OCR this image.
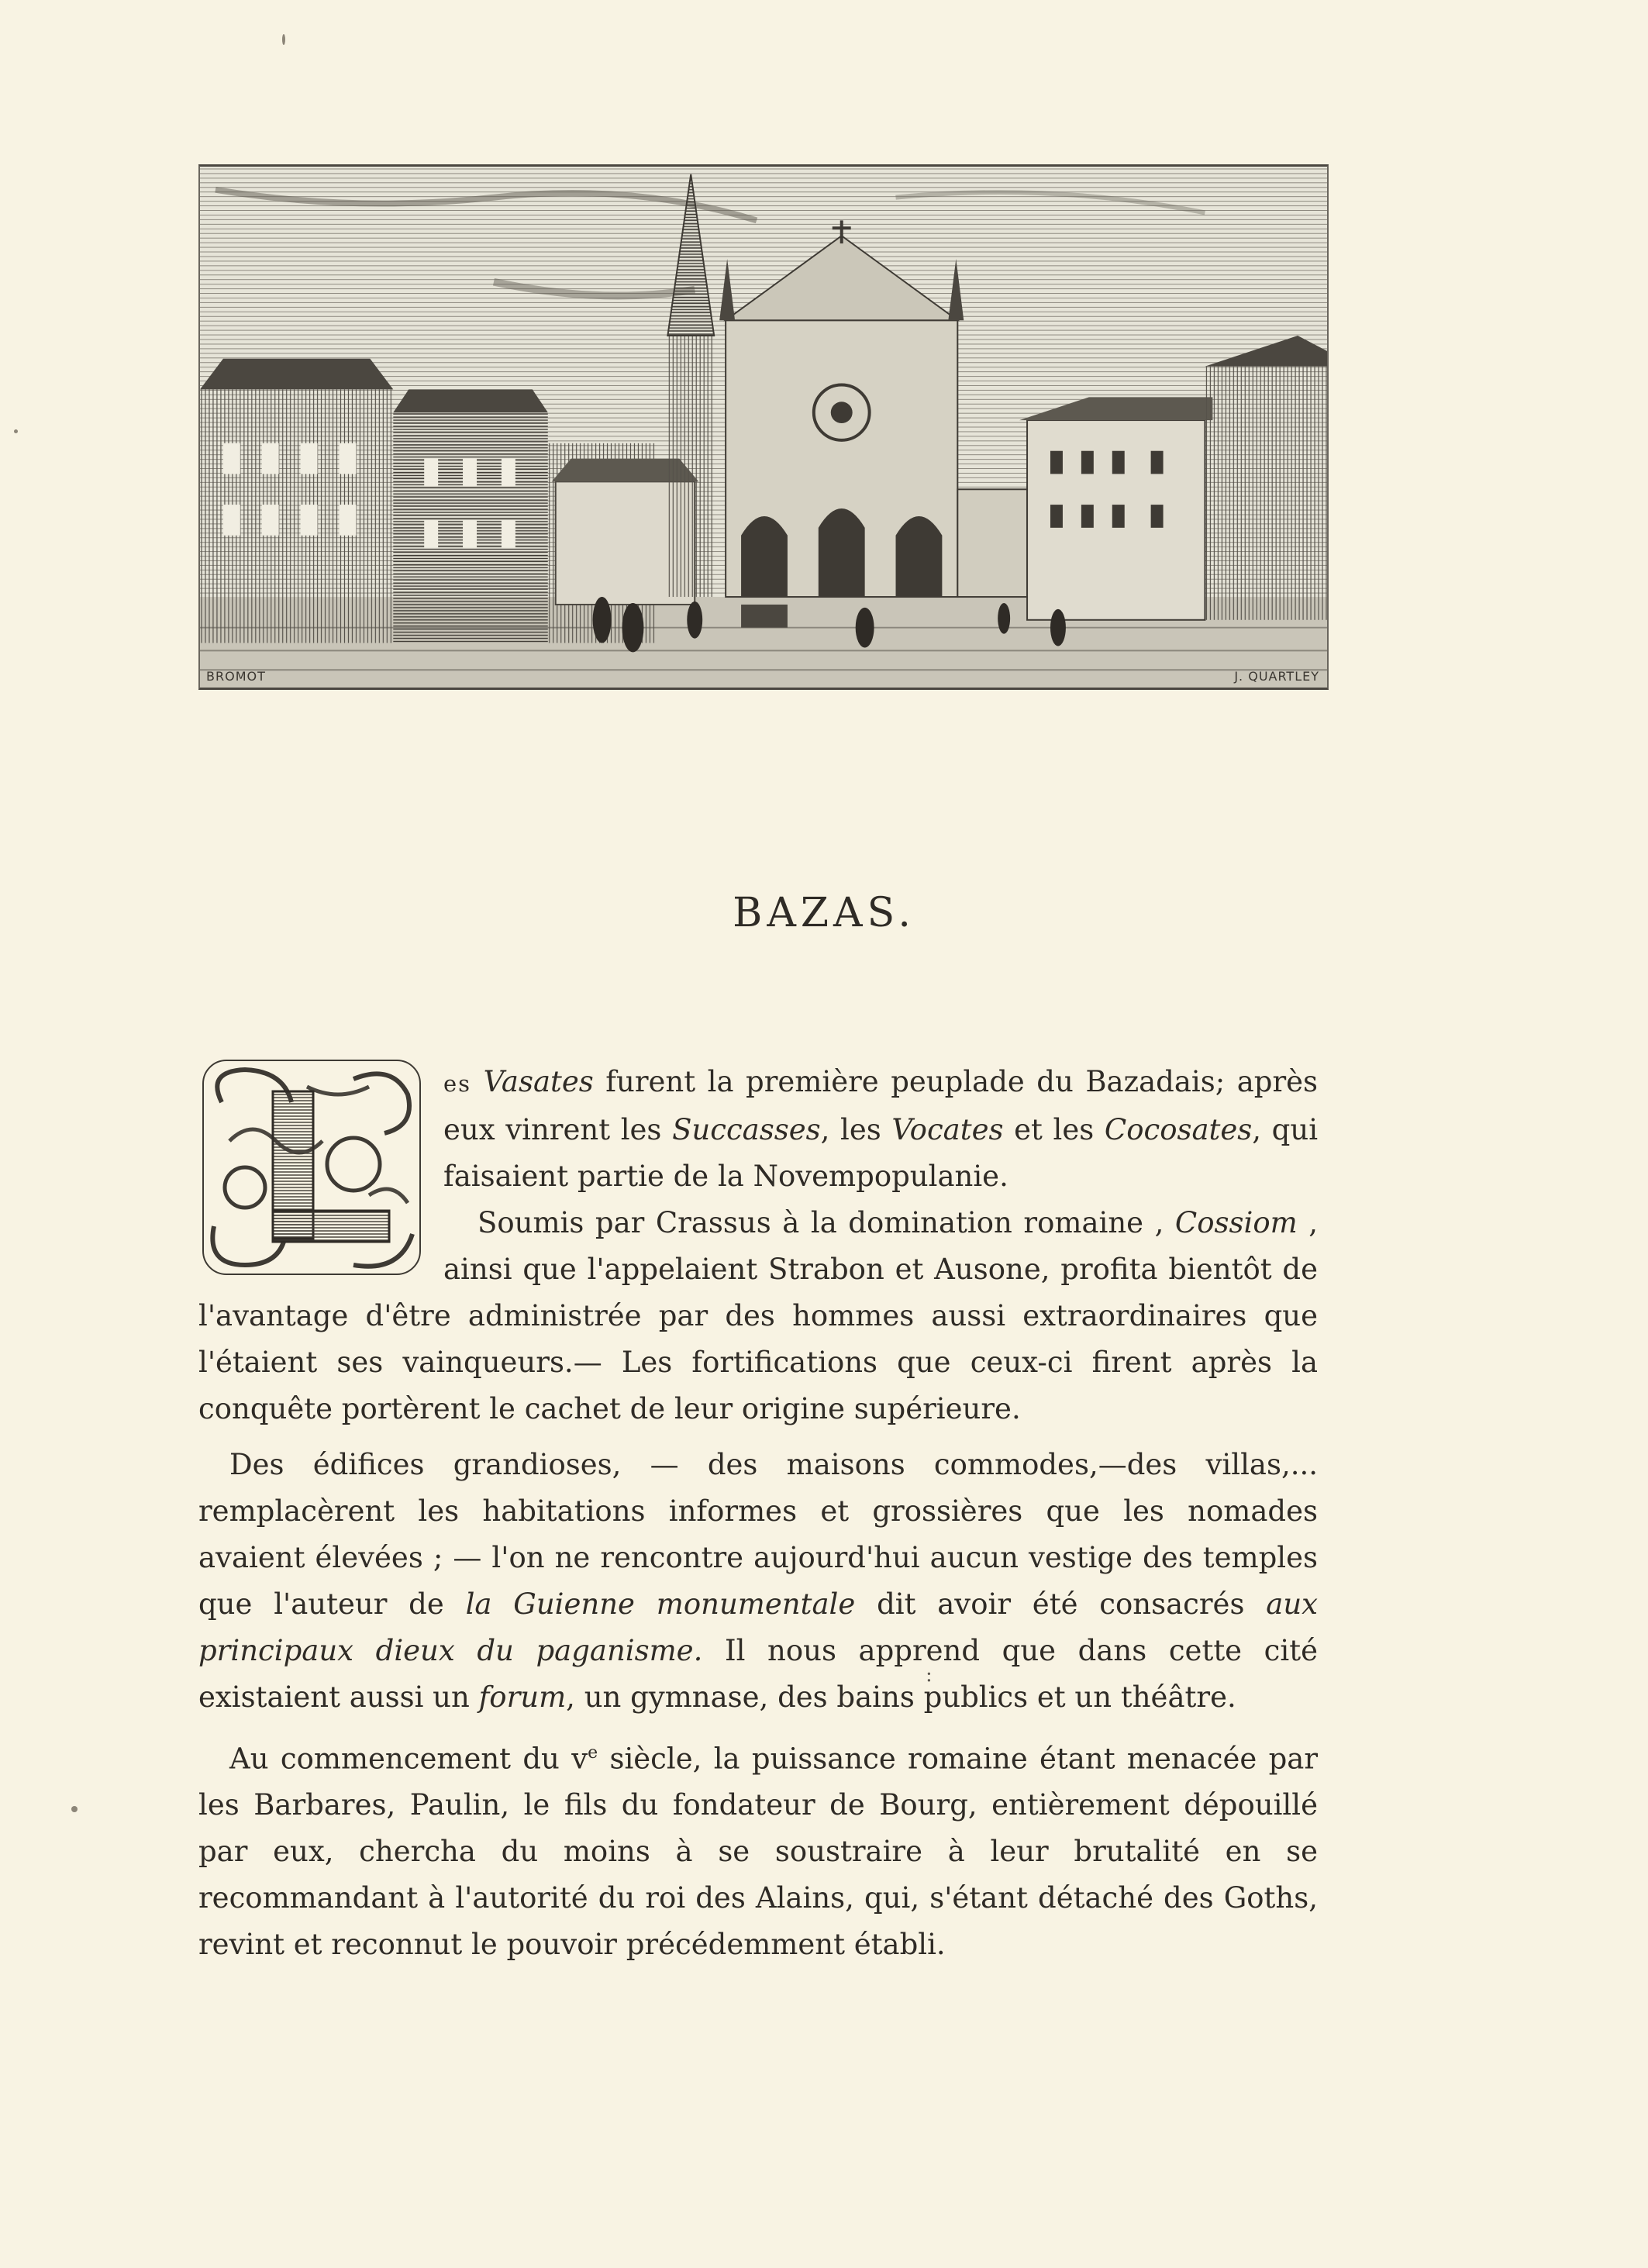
BROMOT	J. QUARTLEY
BAZAS.

es Vasates furent la première peuplade du Bazadais; après eux vinrent les Succasses, les Vocates et les Cocosates, qui faisaient partie de la Novempopulanie.

Soumis par Crassus à la domination romaine , Cossiom , ainsi que l'appelaient Strabon et Ausone, profita bientôt de l'avantage d'être administrée par des hommes aussi extraordinaires que l'étaient ses vainqueurs.— Les fortifications que ceux-ci firent après la conquête portèrent le cachet de leur origine supérieure.

Des édifices grandioses, — des maisons commodes,—des villas,... remplacèrent les habitations informes et grossières que les nomades avaient élevées ; — l'on ne rencontre aujourd'hui aucun vestige des temples que l'auteur de la Guienne monumentale dit avoir été consacrés aux principaux dieux du paganisme. Il nous apprend que dans cette cité existaient aussi un forum, un gymnase, des bains publics et un théâtre.

Au commencement du $v^e$ siècle, la puissance romaine étant menacée par les Barbares, Paulin, le fils du fondateur de Bourg, entièrement dépouillé par eux, chercha du moins à se soustraire à leur brutalité en se recommandant à l'autorité du roi des Alains, qui, s'étant détaché des Goths, revint et reconnut le pouvoir précédemment établi.

:
